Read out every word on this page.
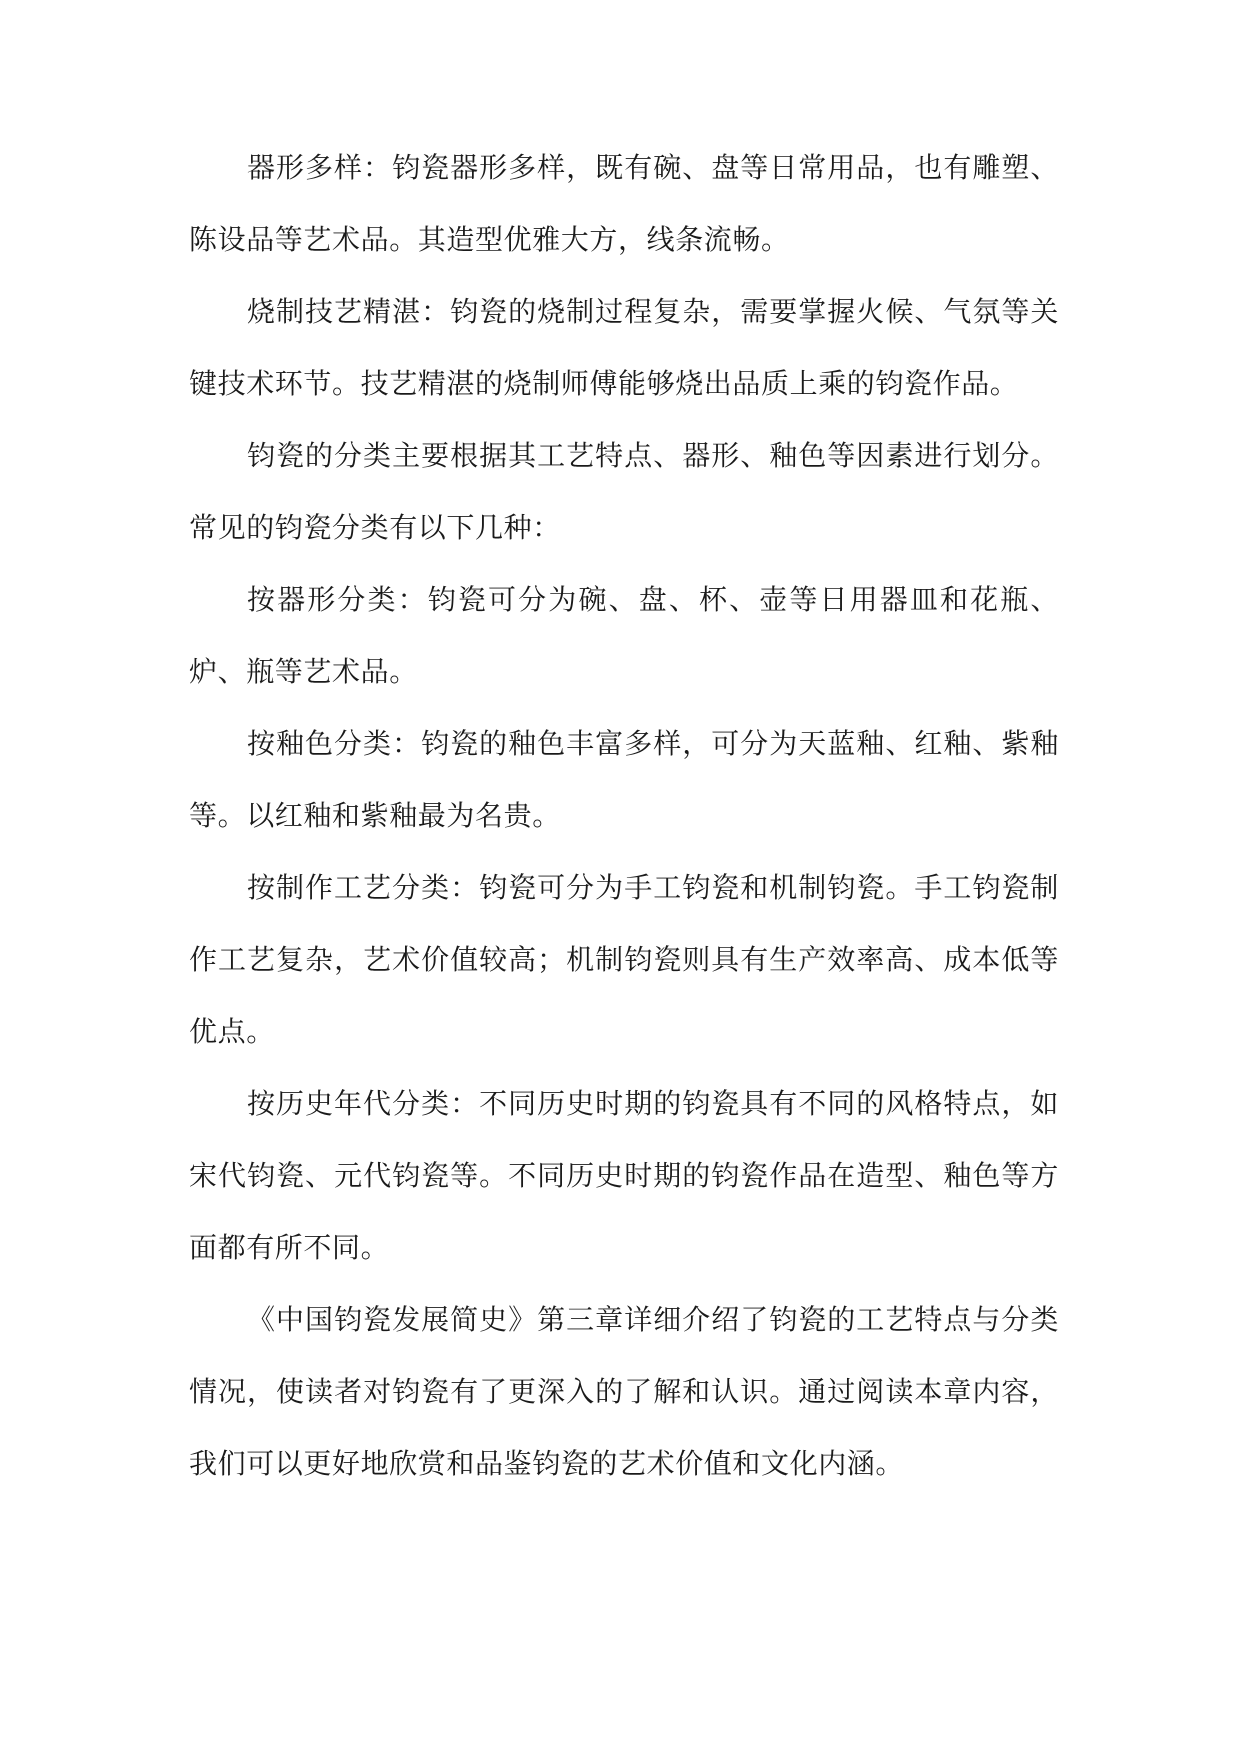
器形多样：钧瓷器形多样，既有碗、盘等日常用品，也有雕塑、陈设品等艺术品。其造型优雅大方，线条流畅。

烧制技艺精湛：钧瓷的烧制过程复杂，需要掌握火候、气氛等关键技术环节。技艺精湛的烧制师傅能够烧出品质上乘的钧瓷作品。

钧瓷的分类主要根据其工艺特点、器形、釉色等因素进行划分。常见的钧瓷分类有以下几种：

按器形分类：钧瓷可分为碗、盘、杯、壶等日用器皿和花瓶、炉、瓶等艺术品。

按釉色分类：钧瓷的釉色丰富多样，可分为天蓝釉、红釉、紫釉等。以红釉和紫釉最为名贵。

按制作工艺分类：钧瓷可分为手工钧瓷和机制钧瓷。手工钧瓷制作工艺复杂，艺术价值较高；机制钧瓷则具有生产效率高、成本低等优点。

按历史年代分类：不同历史时期的钧瓷具有不同的风格特点，如宋代钧瓷、元代钧瓷等。不同历史时期的钧瓷作品在造型、釉色等方面都有所不同。

《中国钧瓷发展简史》第三章详细介绍了钧瓷的工艺特点与分类情况，使读者对钧瓷有了更深入的了解和认识。通过阅读本章内容，我们可以更好地欣赏和品鉴钧瓷的艺术价值和文化内涵。
